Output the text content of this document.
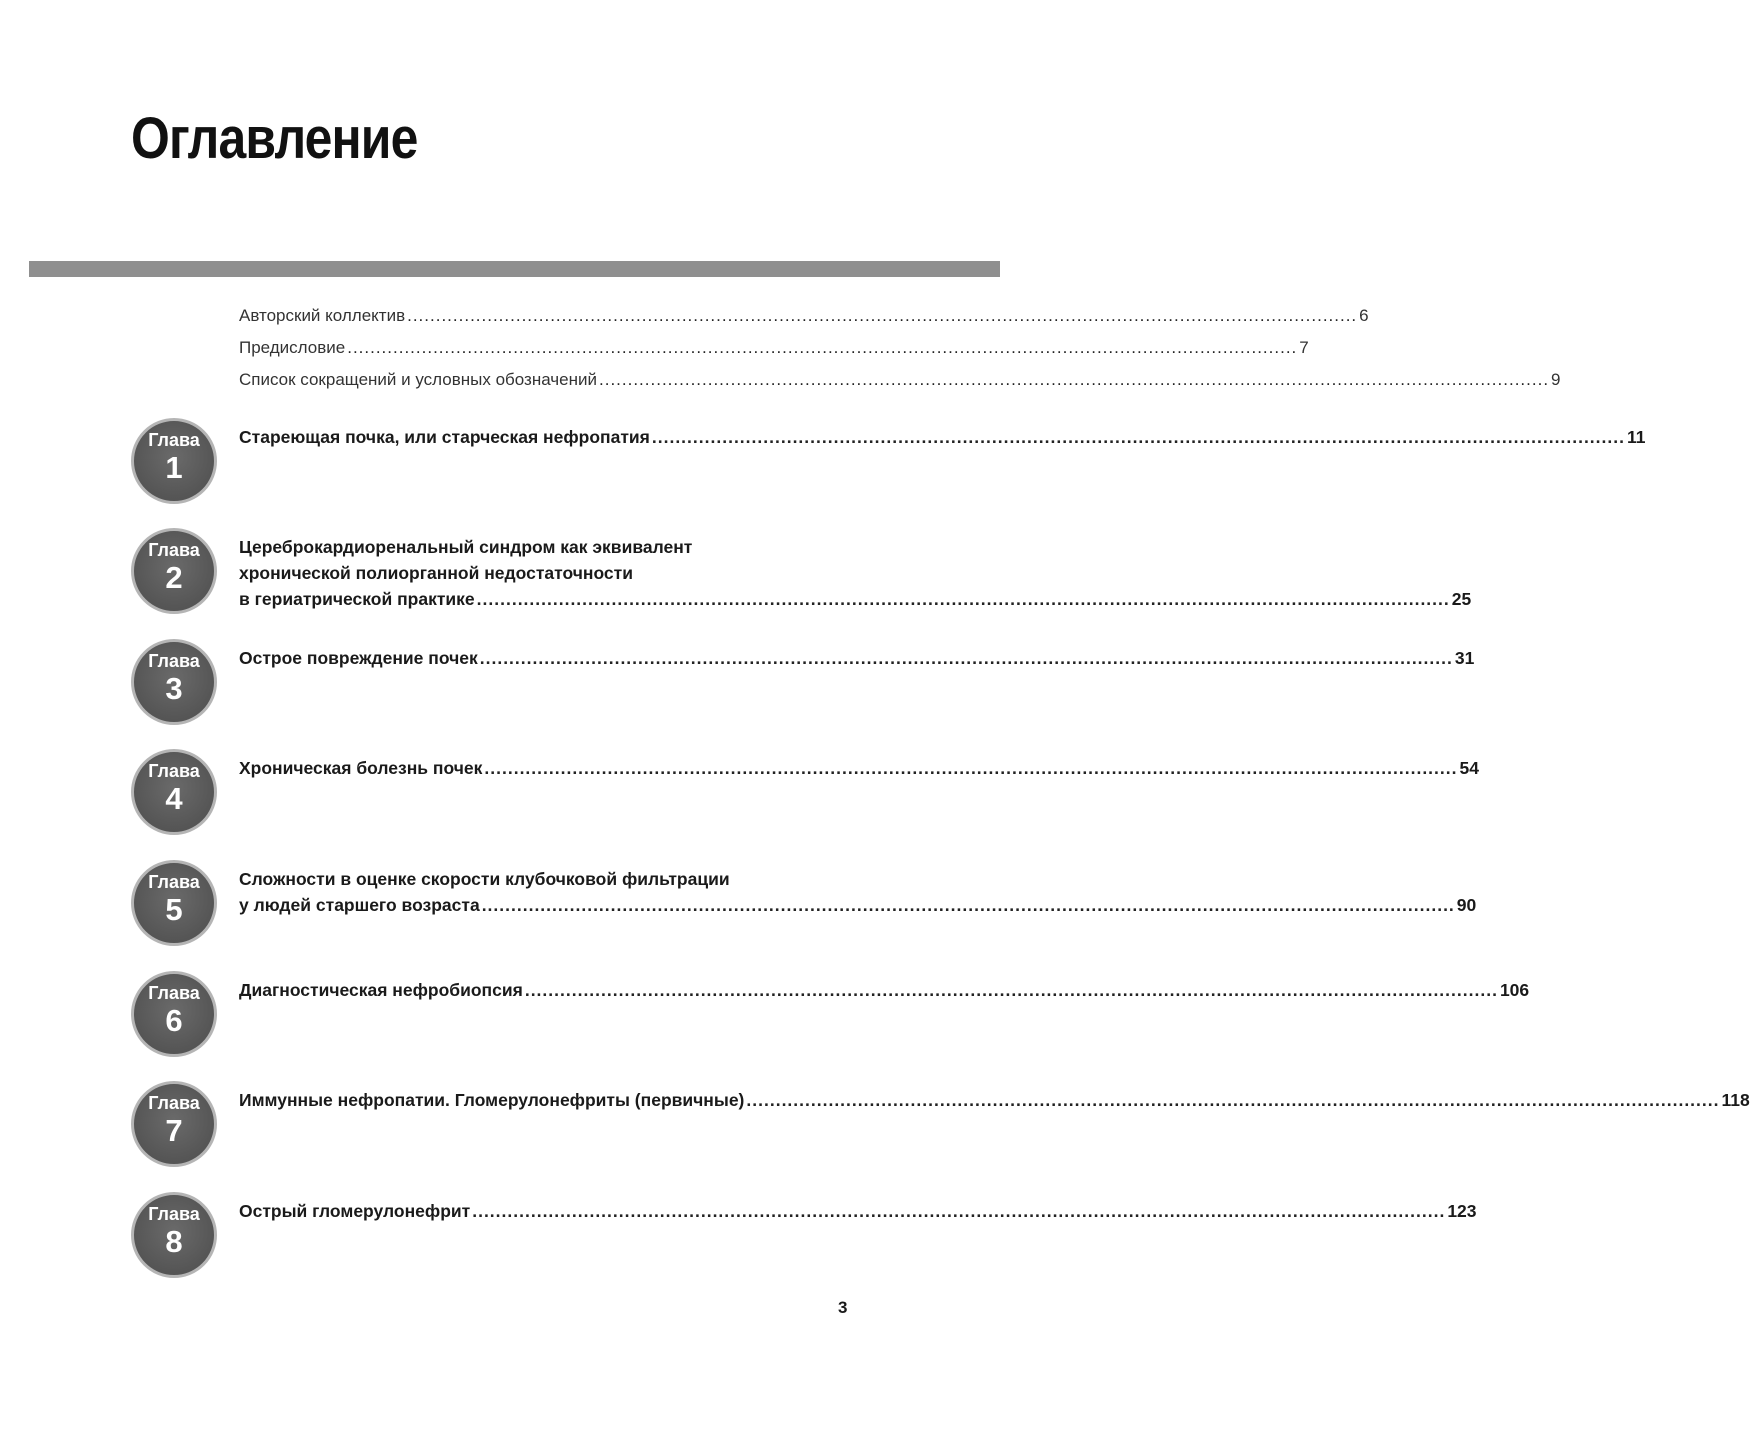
Оглавление
Авторский коллектив ...................................................................................................................................................................... 6
Предисловие ...................................................................................................................................................................... 7
Список сокращений и условных обозначений ...................................................................................................................................................................... 9
Глава
1
Стареющая почка, или старческая нефропатия ...................................................................................................................................................................... 11
Глава
2
Цереброкардиоренальный синдром как эквивалент
хронической полиорганной недостаточности
в гериатрической практике ...................................................................................................................................................................... 25
Глава
3
Острое повреждение почек ...................................................................................................................................................................... 31
Глава
4
Хроническая болезнь почек ...................................................................................................................................................................... 54
Глава
5
Сложности в оценке скорости клубочковой фильтрации
у людей старшего возраста ...................................................................................................................................................................... 90
Глава
6
Диагностическая нефробиопсия ...................................................................................................................................................................... 106
Глава
7
Иммунные нефропатии. Гломерулонефриты (первичные) ...................................................................................................................................................................... 118
Глава
8
Острый гломерулонефрит ...................................................................................................................................................................... 123
3
